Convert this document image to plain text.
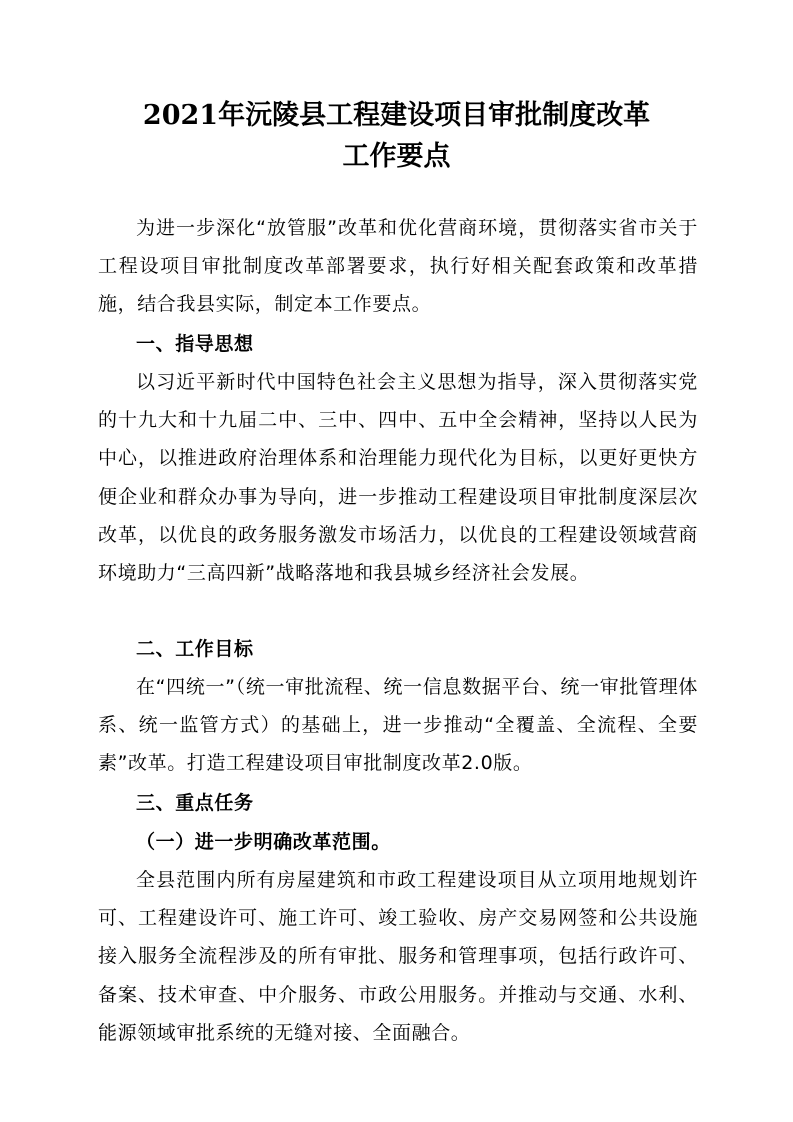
2021年沅陵县工程建设项目审批制度改革
工作要点

为进一步深化“放管服”改革和优化营商环境，贯彻落实省市关于工程设项目审批制度改革部署要求，执行好相关配套政策和改革措施，结合我县实际，制定本工作要点。

一、指导思想

以习近平新时代中国特色社会主义思想为指导，深入贯彻落实党的十九大和十九届二中、三中、四中、五中全会精神，坚持以人民为中心，以推进政府治理体系和治理能力现代化为目标，以更好更快方便企业和群众办事为导向，进一步推动工程建设项目审批制度深层次改革，以优良的政务服务激发市场活力，以优良的工程建设领域营商环境助力“三高四新”战略落地和我县城乡经济社会发展。

二、工作目标

在“四统一”（统一审批流程、统一信息数据平台、统一审批管理体系、统一监管方式）的基础上，进一步推动“全覆盖、全流程、全要素”改革。打造工程建设项目审批制度改革2.0版。

三、重点任务
（一）进一步明确改革范围。

全县范围内所有房屋建筑和市政工程建设项目从立项用地规划许可、工程建设许可、施工许可、竣工验收、房产交易网签和公共设施接入服务全流程涉及的所有审批、服务和管理事项，包括行政许可、备案、技术审查、中介服务、市政公用服务。并推动与交通、水利、能源领域审批系统的无缝对接、全面融合。
